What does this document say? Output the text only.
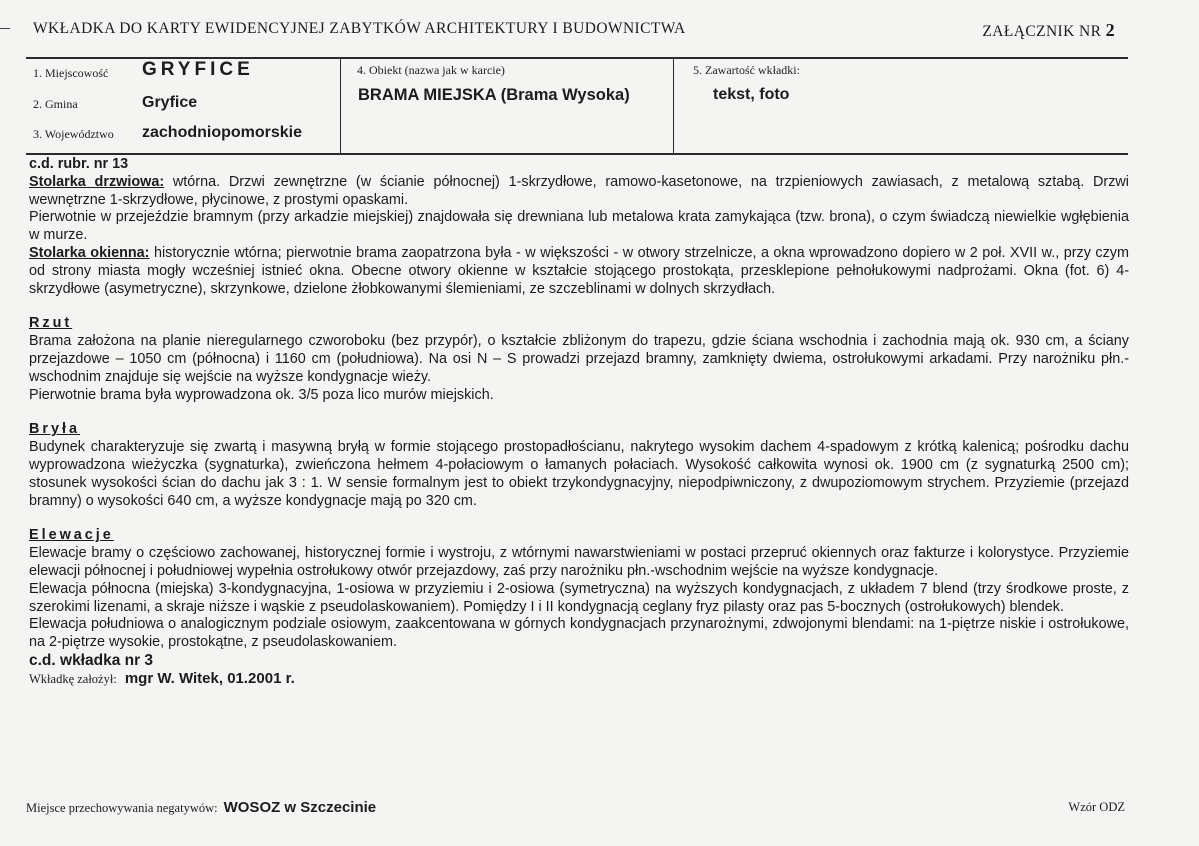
WKŁADKA DO KARTY EWIDENCYJNEJ ZABYTKÓW ARCHITEKTURY I BUDOWNICTWA	ZAŁĄCZNIK NR 2
1. Miejscowość GRYFICE
2. Gmina	Gryfice
3. Województwo zachodniopomorskie
4. Obiekt (nazwa jak w karcie)
BRAMA MIEJSKA (Brama Wysoka)
5. Zawartość wkładki:
tekst, foto

c.d. rubr. nr 13

Stolarka drzwiowa: wtórna. Drzwi zewnętrzne (w ścianie północnej) 1-skrzydłowe, ramowo-kasetonowe, na trzpieniowych zawiasach, z metalową sztabą. Drzwi wewnętrzne 1-skrzydłowe, płycinowe, z prostymi opaskami.

Pierwotnie w przejeździe bramnym (przy arkadzie miejskiej) znajdowała się drewniana lub metalowa krata zamykająca (tzw. brona), o czym świadczą niewielkie wgłębienia w murze.

Stolarka okienna: historycznie wtórna; pierwotnie brama zaopatrzona była - w większości - w otwory strzelnicze, a okna wprowadzono dopiero w 2 poł. XVII w., przy czym od strony miasta mogły wcześniej istnieć okna. Obecne otwory okienne w kształcie stojącego prostokąta, przesklepione pełnołukowymi nadprożami. Okna (fot. 6) 4-skrzydłowe (asymetryczne), skrzynkowe, dzielone żłobkowanymi ślemieniami, ze szczeblinami w dolnych skrzydłach.

Rzut

Brama założona na planie nieregularnego czworoboku (bez przypór), o kształcie zbliżonym do trapezu, gdzie ściana wschodnia i zachodnia mają ok. 930 cm, a ściany przejazdowe – 1050 cm (północna) i 1160 cm (południowa). Na osi N – S prowadzi przejazd bramny, zamknięty dwiema, ostrołukowymi arkadami. Przy narożniku płn.-wschodnim znajduje się wejście na wyższe kondygnacje wieży.

Pierwotnie brama była wyprowadzona ok. 3/5 poza lico murów miejskich.

Bryła

Budynek charakteryzuje się zwartą i masywną bryłą w formie stojącego prostopadłościanu, nakrytego wysokim dachem 4-spadowym z krótką kalenicą; pośrodku dachu wyprowadzona wieżyczka (sygnaturka), zwieńczona hełmem 4-połaciowym o łamanych połaciach. Wysokość całkowita wynosi ok. 1900 cm (z sygnaturką 2500 cm); stosunek wysokości ścian do dachu jak 3 : 1. W sensie formalnym jest to obiekt trzykondygnacyjny, niepodpiwniczony, z dwupoziomowym strychem. Przyziemie (przejazd bramny) o wysokości 640 cm, a wyższe kondygnacje mają po 320 cm.

Elewacje

Elewacje bramy o częściowo zachowanej, historycznej formie i wystroju, z wtórnymi nawarstwieniami w postaci przepruć okiennych oraz fakturze i kolorystyce. Przyziemie elewacji północnej i południowej wypełnia ostrołukowy otwór przejazdowy, zaś przy narożniku płn.-wschodnim wejście na wyższe kondygnacje.

Elewacja północna (miejska) 3-kondygnacyjna, 1-osiowa w przyziemiu i 2-osiowa (symetryczna) na wyższych kondygnacjach, z układem 7 blend (trzy środkowe proste, z szerokimi lizenami, a skraje niższe i wąskie z pseudolaskowaniem). Pomiędzy I i II kondygnacją ceglany fryz pilasty oraz pas 5-bocznych (ostrołukowych) blendek.

Elewacja południowa o analogicznym podziale osiowym, zaakcentowana w górnych kondygnacjach przynarożnymi, zdwojonymi blendami: na 1-piętrze niskie i ostrołukowe, na 2-piętrze wysokie, prostokątne, z pseudolaskowaniem.

c.d. wkładka nr 3

Wkładkę założył: mgr W. Witek, 01.2001 r.

Miejsce przechowywania negatywów: WOSOZ w Szczecinie	Wzór ODZ
